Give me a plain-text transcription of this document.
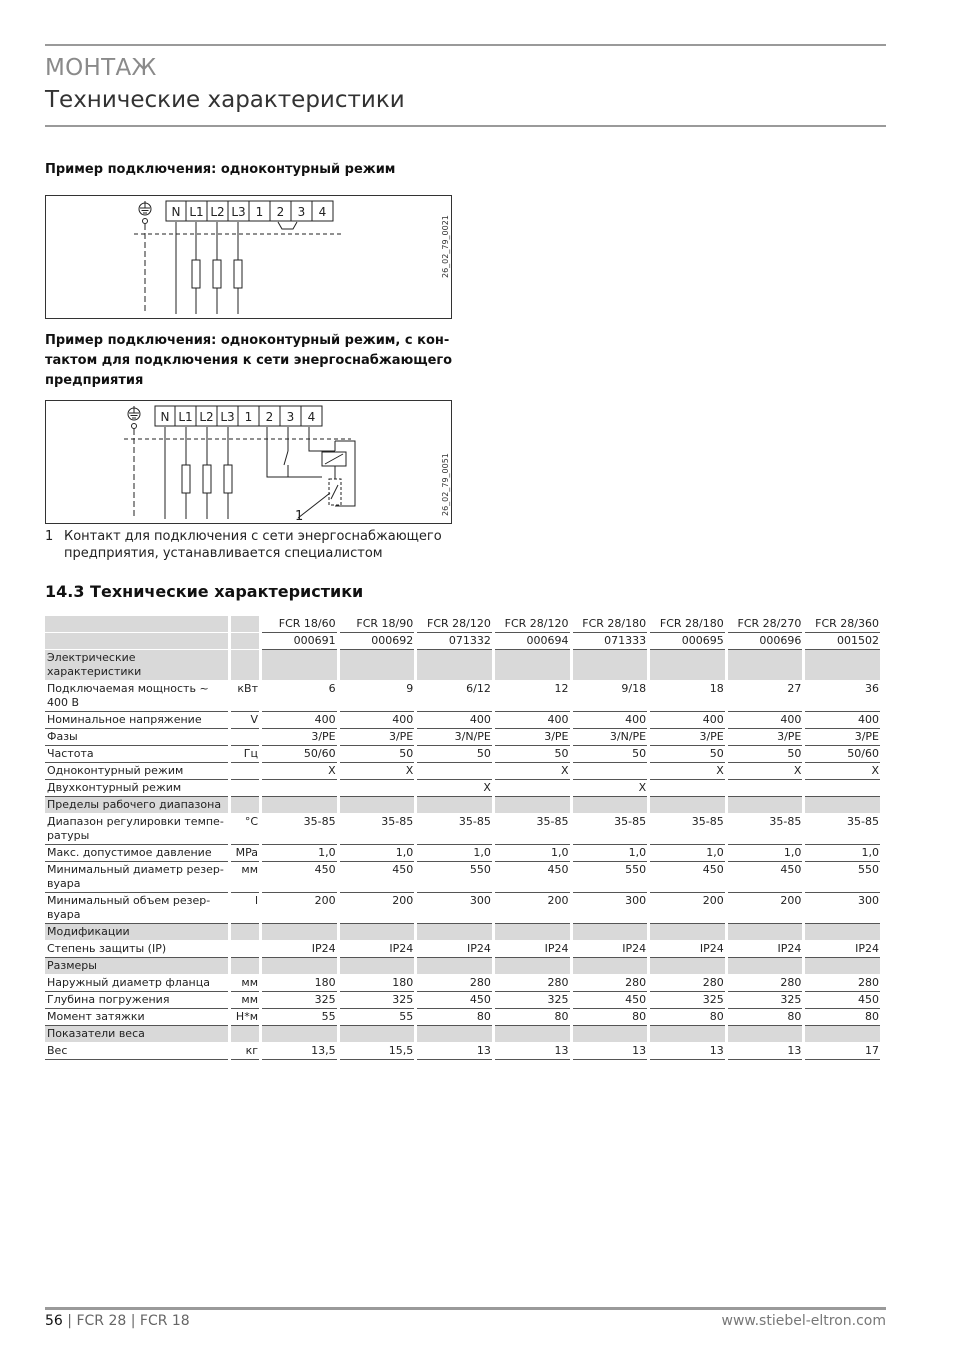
МОНТАЖ
Технические характеристики
Пример подключения: одноконтурный режим
N L1 L2 L3 1 2 3 4
26_02_79_0021
Пример подключения: одноконтурный режим, с кон-тактом для подключения к сети энергоснабжающего предприятия
N L1 L2 L3 1 2 3 4
1
26_02_79_0051
1 Контакт для подключения с сети энергоснабжающего предприятия, устанавливается специалистом
14.3 Технические характеристики
		FCR 18/60	FCR 18/90	FCR 28/120	FCR 28/120	FCR 28/180	FCR 28/180	FCR 28/270	FCR 28/360
		000691	000692	071332	000694	071333	000695	000696	001502
Электрические характеристики									
Подключаемая мощность ~ 400 В	кВт	6	9	6/12	12	9/18	18	27	36
Номинальное напряжение	V	400	400	400	400	400	400	400	400
Фазы		3/PE	3/PE	3/N/PE	3/PE	3/N/PE	3/PE	3/PE	3/PE
Частота	Гц	50/60	50	50	50	50	50	50	50/60
Одноконтурный режим		X	X		X		X	X	X
Двухконтурный режим				X		X			
Пределы рабочего диапазона									
Диапазон регулировки темпе-ратуры	°C	35-85	35-85	35-85	35-85	35-85	35-85	35-85	35-85
Макс. допустимое давление	MPa	1,0	1,0	1,0	1,0	1,0	1,0	1,0	1,0
Минимальный диаметр резер-вуара	мм	450	450	550	450	550	450	450	550
Минимальный объем резер-вуара	l	200	200	300	200	300	200	200	300
Модификации									
Степень защиты (IP)		IP24	IP24	IP24	IP24	IP24	IP24	IP24	IP24
Размеры									
Наружный диаметр фланца	мм	180	180	280	280	280	280	280	280
Глубина погружения	мм	325	325	450	325	450	325	325	450
Момент затяжки	Н*м	55	55	80	80	80	80	80	80
Показатели веса									
Вес	кг	13,5	15,5	13	13	13	13	13	17
56 | FCR 28 | FCR 18	www.stiebel-eltron.com
